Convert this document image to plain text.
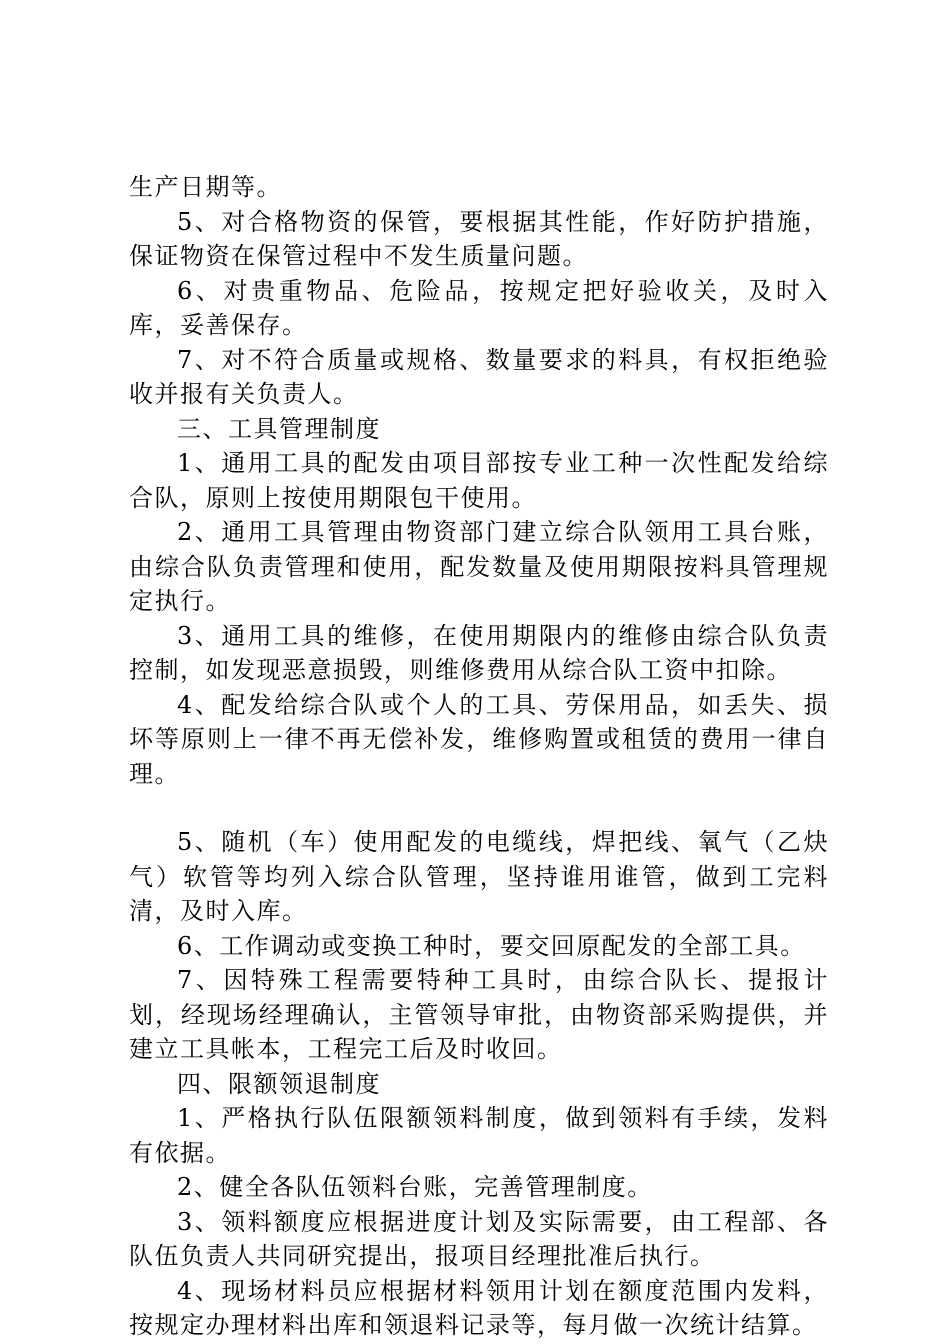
生产日期等。

5、对合格物资的保管，要根据其性能，作好防护措施，保证物资在保管过程中不发生质量问题。

6、对贵重物品、危险品，按规定把好验收关，及时入库，妥善保存。

7、对不符合质量或规格、数量要求的料具，有权拒绝验收并报有关负责人。

三、工具管理制度

1、通用工具的配发由项目部按专业工种一次性配发给综合队，原则上按使用期限包干使用。

2、通用工具管理由物资部门建立综合队领用工具台账，由综合队负责管理和使用，配发数量及使用期限按料具管理规定执行。

3、通用工具的维修，在使用期限内的维修由综合队负责控制，如发现恶意损毁，则维修费用从综合队工资中扣除。

4、配发给综合队或个人的工具、劳保用品，如丢失、损坏等原则上一律不再无偿补发，维修购置或租赁的费用一律自理。

5、随机（车）使用配发的电缆线，焊把线、氧气（乙炔气）软管等均列入综合队管理，坚持谁用谁管，做到工完料清，及时入库。

6、工作调动或变换工种时，要交回原配发的全部工具。

7、因特殊工程需要特种工具时，由综合队长、提报计划，经现场经理确认，主管领导审批，由物资部采购提供，并建立工具帐本，工程完工后及时收回。

四、限额领退制度

1、严格执行队伍限额领料制度，做到领料有手续，发料有依据。

2、健全各队伍领料台账，完善管理制度。

3、领料额度应根据进度计划及实际需要，由工程部、各队伍负责人共同研究提出，报项目经理批准后执行。

4、现场材料员应根据材料领用计划在额度范围内发料，按规定办理材料出库和领退料记录等，每月做一次统计结算。
